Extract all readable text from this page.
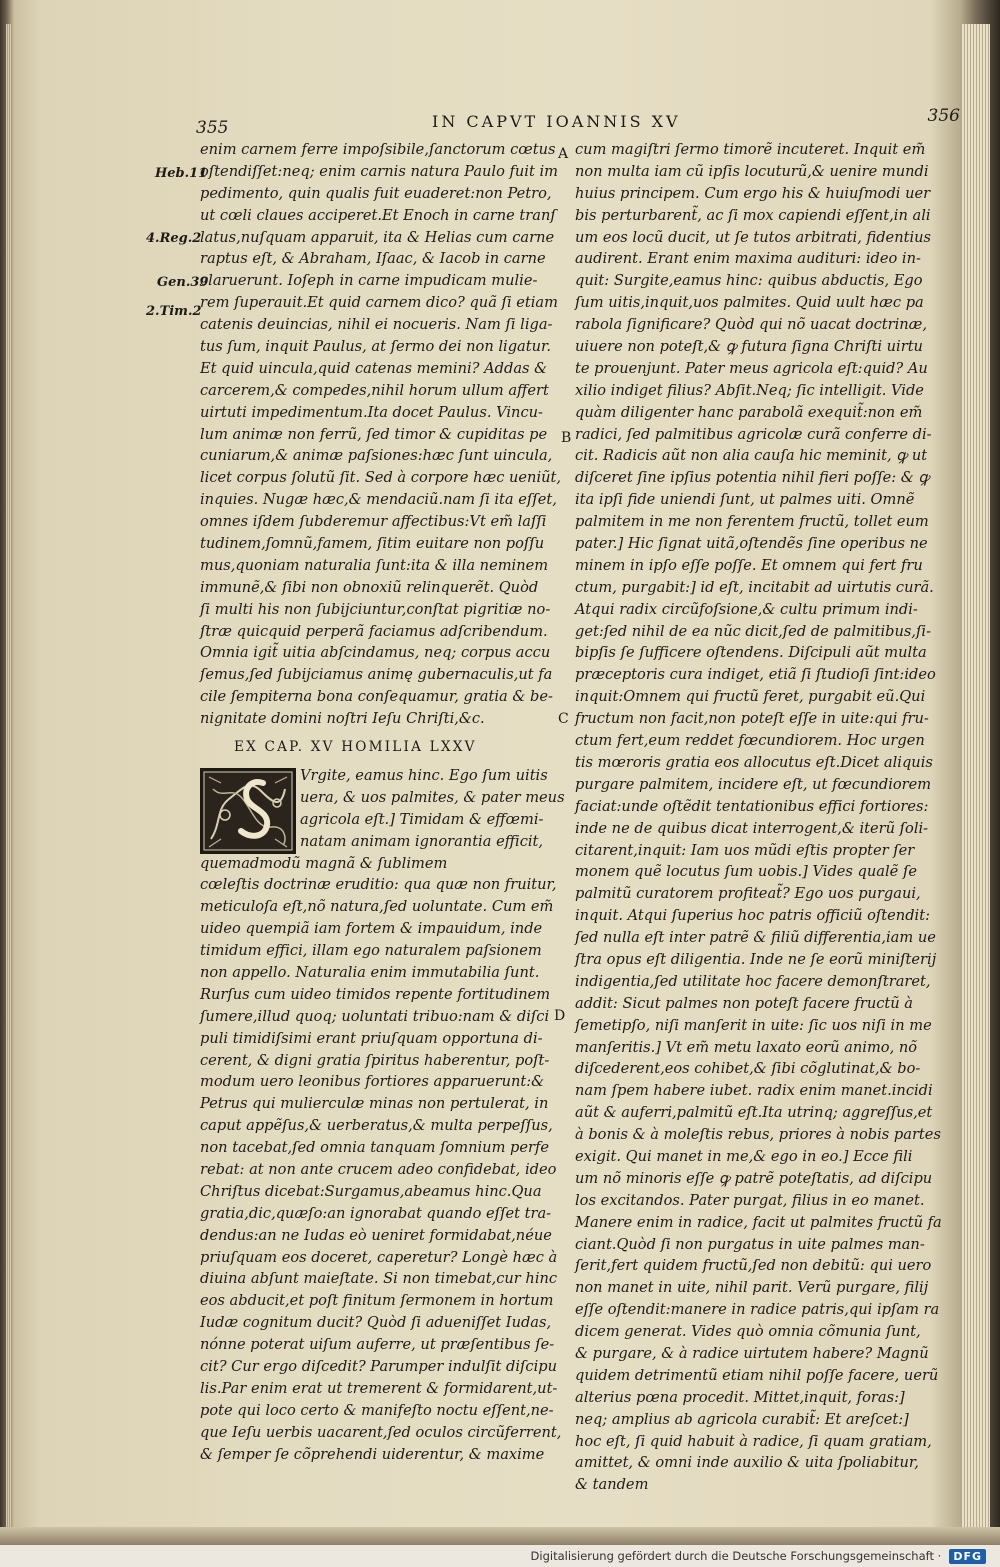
355	IN CAPVT IOANNIS XV	356
Heb.11
4.Reg.2
Gen.39
2.Tim.2
A
B
C
D
enim carnem ferre impoſsibile,ſanctorum cœtus
oſtendiſſet:neq; enim carnis natura Paulo fuit im
pedimento, quin qualis fuit euaderet:non Petro,
ut cœli claues acciperet.Et Enoch in carne tranſ
latus,nuſquam apparuit, ita & Helias cum carne
raptus eſt, & Abraham, Iſaac, & Iacob in carne
claruerunt. Ioſeph in carne impudicam mulie-
rem ſuperauit.Et quid carnem dico? quã ſi etiam
catenis deuincias, nihil ei nocueris. Nam ſi liga-
tus ſum, inquit Paulus, at ſermo dei non ligatur.
Et quid uincula,quid catenas memini? Addas &
carcerem,& compedes,nihil horum ullum affert
uirtuti impedimentum.Ita docet Paulus. Vincu-
lum animæ non ferrũ, ſed timor & cupiditas pe
cuniarum,& animæ paſsiones:hæc ſunt uincula,
licet corpus ſolutũ ſit. Sed à corpore hæc ueniũt,
inquies. Nugæ hæc,& mendaciũ.nam ſi ita eſſet,
omnes iſdem ſubderemur affectibus:Vt em̃ laſſi
tudinem,ſomnũ,famem, ſitim euitare non poſſu
mus,quoniam naturalia ſunt:ita & illa neminem
immunẽ,& ſibi non obnoxiũ relinquerẽt. Quòd
ſi multi his non ſubijciuntur,conſtat pigritiæ no-
ſtræ quicquid perperã faciamus adſcribendum.
Omnia igit̃ uitia abſcindamus, neq; corpus accu
ſemus,ſed ſubijciamus animę gubernaculis,ut fa
cile ſempiterna bona conſequamur, gratia & be-
nignitate domini noſtri Ieſu Chriſti,&c.
EX CAP. XV HOMILIA LXXV
Vrgite, eamus hinc. Ego ſum uitis
uera, & uos palmites, & pater meus
agricola eſt.] Timidam & effœmi-
natam animam ignorantia efficit,
quemadmodũ magnã & ſublimem
cœleſtis doctrinæ eruditio: qua quæ non fruitur,
meticuloſa eſt,nõ natura,ſed uoluntate. Cum em̃
uideo quempiã iam fortem & impauidum, inde
timidum effici, illam ego naturalem paſsionem
non appello. Naturalia enim immutabilia ſunt.
Rurſus cum uideo timidos repente fortitudinem
ſumere,illud quoq; uoluntati tribuo:nam & diſci
puli timidiſsimi erant priuſquam opportuna di-
cerent, & digni gratia ſpiritus haberentur, poſt-
modum uero leonibus fortiores apparuerunt:&
Petrus qui mulierculæ minas non pertulerat, in
caput appẽſus,& uerberatus,& multa perpeſſus,
non tacebat,ſed omnia tanquam ſomnium perfe
rebat: at non ante crucem adeo confidebat, ideo
Chriſtus dicebat:Surgamus,abeamus hinc.Qua
gratia,dic,quæſo:an ignorabat quando eſſet tra-
dendus:an ne Iudas eò ueniret formidabat,néue
priuſquam eos doceret, caperetur? Longè hæc à
diuina abſunt maieſtate. Si non timebat,cur hinc
eos abducit,et poſt finitum ſermonem in hortum
Iudæ cognitum ducit? Quòd ſi adueniſſet Iudas,
nónne poterat uiſum auferre, ut præſentibus ſe-
cit? Cur ergo diſcedit? Parumper indulſit diſcipu
lis.Par enim erat ut tremerent & formidarent,ut-
pote qui loco certo & manifeſto noctu eſſent,ne-
que Ieſu uerbis uacarent,ſed oculos circũferrent,
& ſemper ſe cõprehendi uiderentur, & maxime
cum magiſtri ſermo timorẽ incuteret. Inquit em̃
non multa iam cũ ipſis locuturũ,& uenire mundi
huius principem. Cum ergo his & huiuſmodi uer
bis perturbarent̃, ac ſi mox capiendi eſſent,in ali
um eos locũ ducit, ut ſe tutos arbitrati, fidentius
audirent. Erant enim maxima audituri: ideo in-
quit: Surgite,eamus hinc: quibus abductis, Ego
ſum uitis,inquit,uos palmites. Quid uult hæc pa
rabola ſignificare? Quòd qui nõ uacat doctrinæ,
uiuere non poteſt,& ꝙ futura ſigna Chriſti uirtu
te prouenjunt. Pater meus agricola eſt:quid? Au
xilio indiget filius? Abſit.Neq; ſic intelligit. Vide
quàm diligenter hanc parabolã exequit̃:non em̃
radici, ſed palmitibus agricolæ curã conferre di-
cit. Radicis aũt non alia cauſa hic meminit, ꝙ ut
diſceret ſine ipſius potentia nihil fieri poſſe: & ꝙ
ita ipſi fide uniendi ſunt, ut palmes uiti. Omnẽ
palmitem in me non ferentem fructũ, tollet eum
pater.] Hic ſignat uitã,oſtendẽs ſine operibus ne
minem in ipſo eſſe poſſe. Et omnem qui fert fru
ctum, purgabit:] id eſt, incitabit ad uirtutis curã.
Atqui radix circũfoſsione,& cultu primum indi-
get:ſed nihil de ea nũc dicit,ſed de palmitibus,ſi-
bipſis ſe ſufficere oſtendens. Diſcipuli aũt multa
præceptoris cura indiget, etiã ſi ſtudioſi ſint:ideo
inquit:Omnem qui fructũ feret, purgabit eũ.Qui
fructum non facit,non poteſt eſſe in uite:qui fru-
ctum fert,eum reddet fœcundiorem. Hoc urgen
tis mœroris gratia eos allocutus eſt.Dicet aliquis
purgare palmitem, incidere eſt, ut fœcundiorem
faciat:unde oſtẽdit tentationibus effici fortiores:
inde ne de quibus dicat interrogent,& iterũ ſoli-
citarent,inquit: Iam uos mũdi eſtis propter ſer
monem quẽ locutus ſum uobis.] Vides qualẽ ſe
palmitũ curatorem profiteat̃? Ego uos purgaui,
inquit. Atqui ſuperius hoc patris officiũ oſtendit:
ſed nulla eſt inter patrẽ & filiũ differentia,iam ue
ſtra opus eſt diligentia. Inde ne ſe eorũ miniſterij
indigentia,ſed utilitate hoc facere demonſtraret,
addit: Sicut palmes non poteſt facere fructũ à
ſemetipſo, niſi manſerit in uite: ſic uos niſi in me
manſeritis.] Vt em̃ metu laxato eorũ animo, nõ
diſcederent,eos cohibet,& ſibi cõglutinat,& bo-
nam ſpem habere iubet. radix enim manet.incidi
aũt & auferri,palmitũ eſt.Ita utrinq; aggreſſus,et
à bonis & à moleſtis rebus, priores à nobis partes
exigit. Qui manet in me,& ego in eo.] Ecce fili
um nõ minoris eſſe ꝙ patrẽ poteſtatis, ad diſcipu
los excitandos. Pater purgat, filius in eo manet.
Manere enim in radice, facit ut palmites fructũ fa
ciant.Quòd ſi non purgatus in uite palmes man-
ſerit,fert quidem fructũ,ſed non debitũ: qui uero
non manet in uite, nihil parit. Verũ purgare, filij
eſſe oſtendit:manere in radice patris,qui ipſam ra
dicem generat. Vides quò omnia cõmunia ſunt,
& purgare, & à radice uirtutem habere? Magnũ
quidem detrimentũ etiam nihil poſſe facere, uerũ
alterius pœna procedit. Mittet,inquit, foras:]
neq; amplius ab agricola curabit̃: Et areſcet:]
hoc eſt, ſi quid habuit à radice, ſi quam gratiam,
amittet, & omni inde auxilio & uita ſpoliabitur,
& tandem
Digitalisierung gefördert durch die Deutsche Forschungsgemeinschaft ·	DFG
